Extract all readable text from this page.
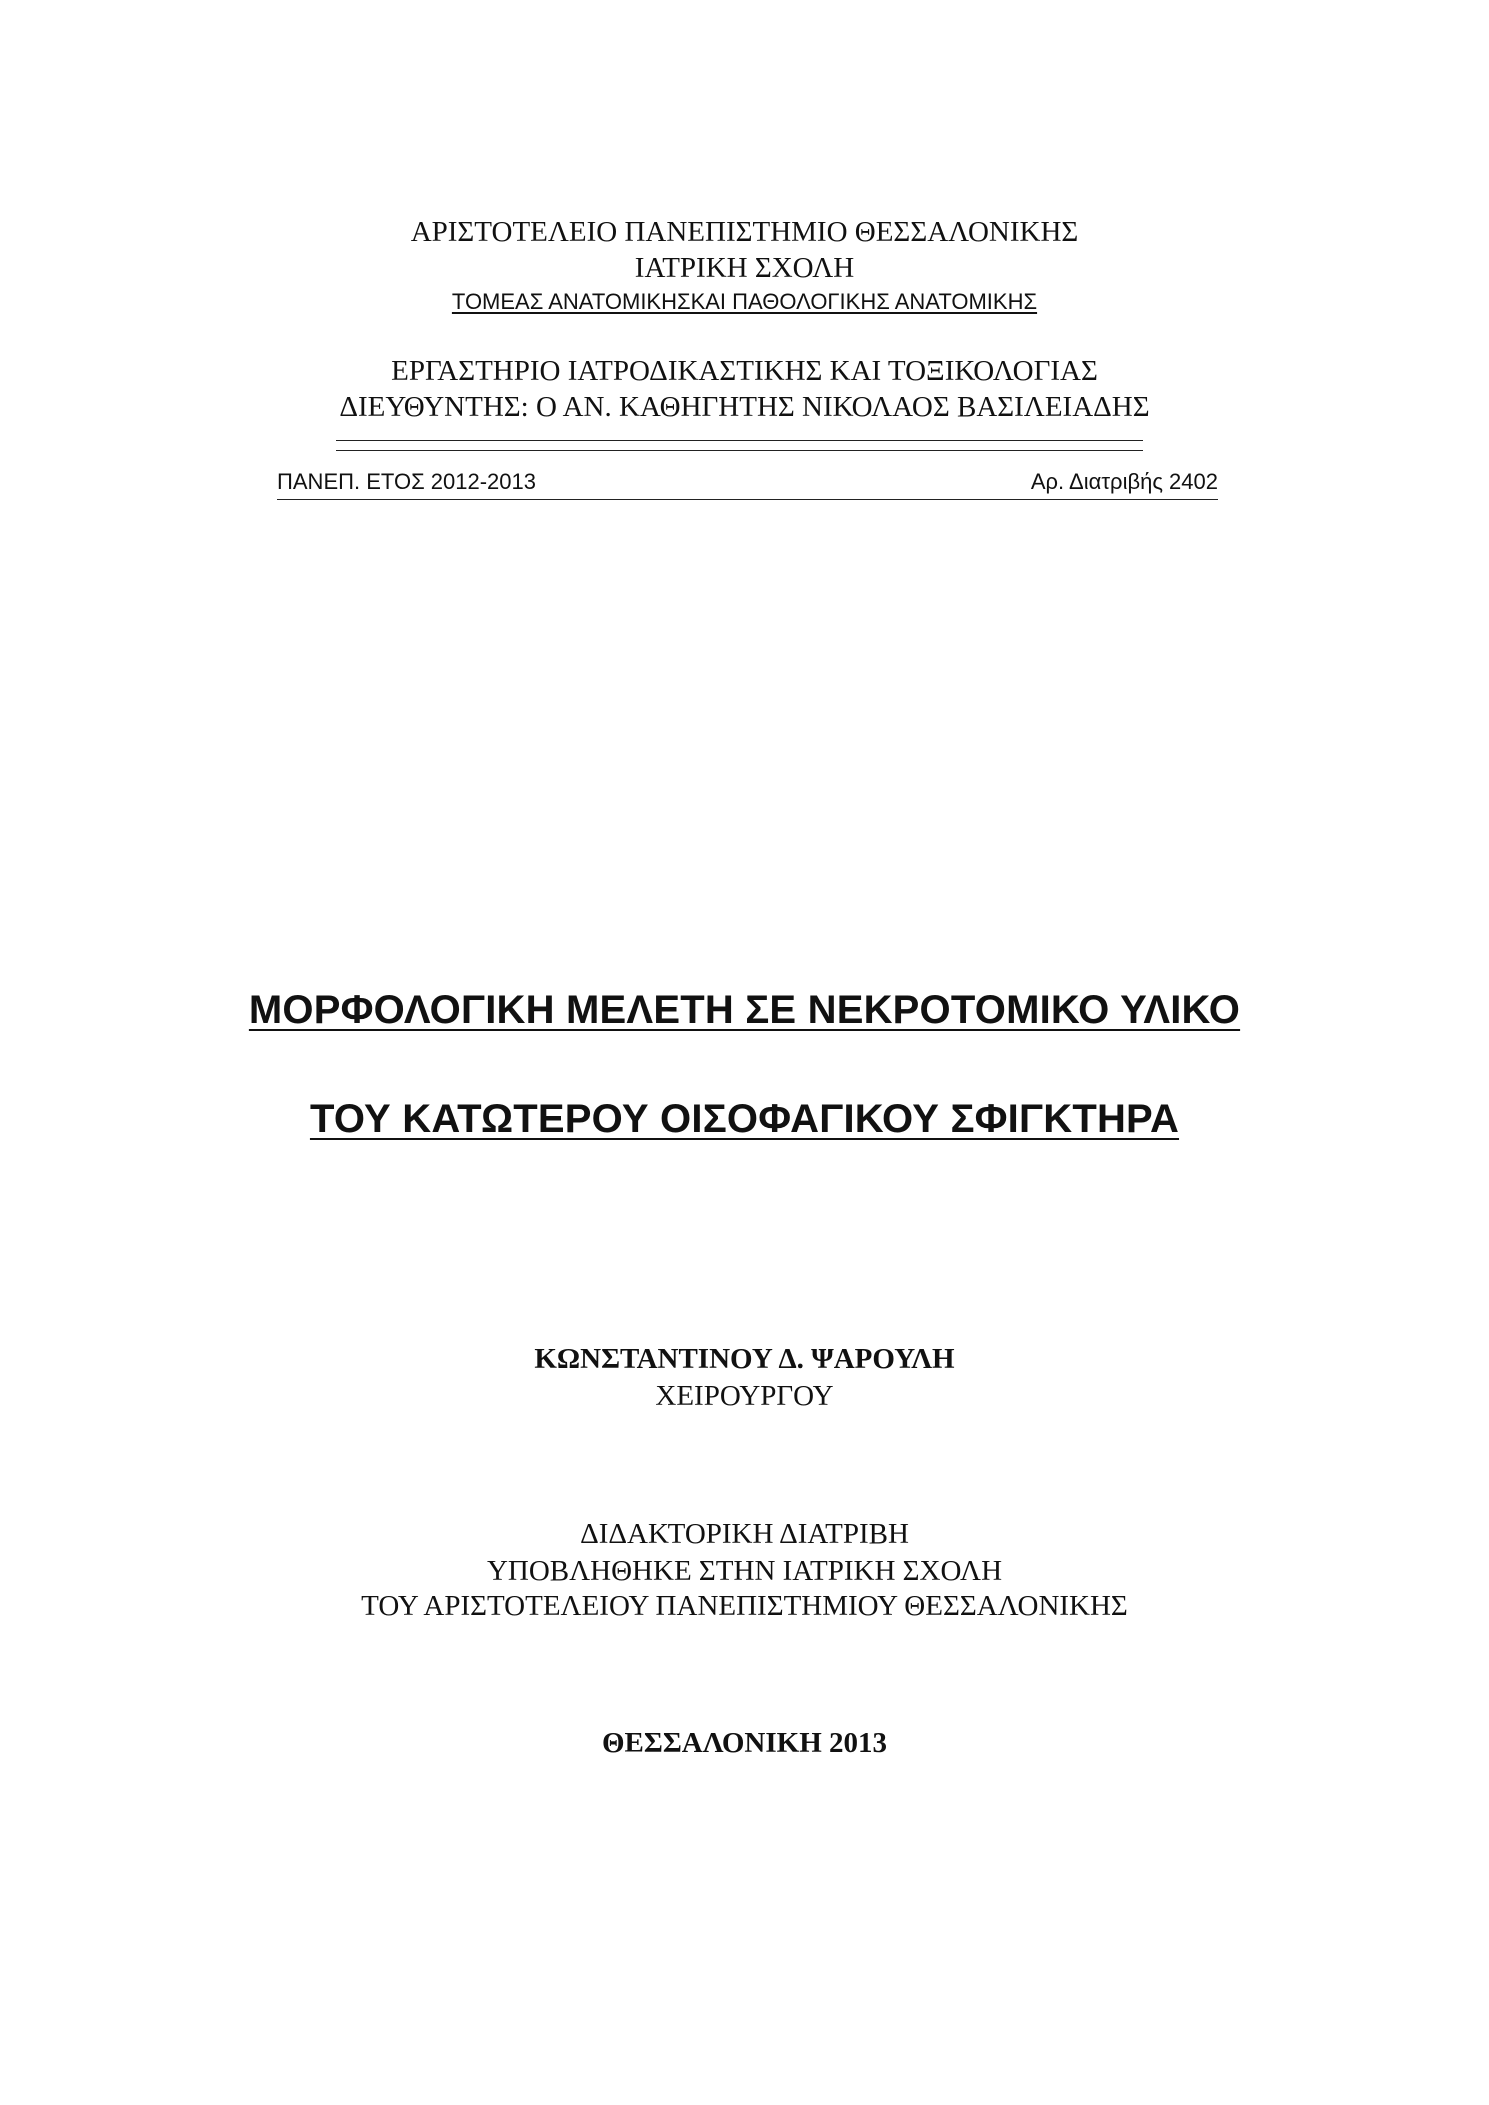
ΑΡΙΣΤΟΤΕΛΕΙΟ ΠΑΝΕΠΙΣΤΗΜΙΟ ΘΕΣΣΑΛΟΝΙΚΗΣ
ΙΑΤΡΙΚΗ ΣΧΟΛΗ
ΤΟΜΕΑΣ ΑΝΑΤΟΜΙΚΗΣΚΑΙ ΠΑΘΟΛΟΓΙΚΗΣ ΑΝΑΤΟΜΙΚΗΣ
ΕΡΓΑΣΤΗΡΙΟ ΙΑΤΡΟΔΙΚΑΣΤΙΚΗΣ ΚΑΙ ΤΟΞΙΚΟΛΟΓΙΑΣ
ΔΙΕΥΘΥΝΤΗΣ: Ο ΑΝ. ΚΑΘΗΓΗΤΗΣ ΝΙΚΟΛΑΟΣ ΒΑΣΙΛΕΙΑΔΗΣ
ΠΑΝΕΠ. ΕΤΟΣ 2012-2013	Αρ. Διατριβής 2402
ΜΟΡΦΟΛΟΓΙΚΗ ΜΕΛΕΤΗ ΣΕ ΝΕΚΡΟΤΟΜΙΚΟ ΥΛΙΚΟ
ΤΟΥ ΚΑΤΩΤΕΡΟΥ ΟΙΣΟΦΑΓΙΚΟΥ ΣΦΙΓΚΤΗΡΑ
ΚΩΝΣΤΑΝΤΙΝΟΥ Δ. ΨΑΡΟΥΛΗ
ΧΕΙΡΟΥΡΓΟΥ
ΔΙΔΑΚΤΟΡΙΚΗ ΔΙΑΤΡΙΒΗ
ΥΠΟΒΛΗΘΗΚΕ ΣΤΗΝ ΙΑΤΡΙΚΗ ΣΧΟΛΗ
ΤΟΥ ΑΡΙΣΤΟΤΕΛΕΙΟΥ ΠΑΝΕΠΙΣΤΗΜΙΟΥ ΘΕΣΣΑΛΟΝΙΚΗΣ
ΘΕΣΣΑΛΟΝΙΚΗ 2013
